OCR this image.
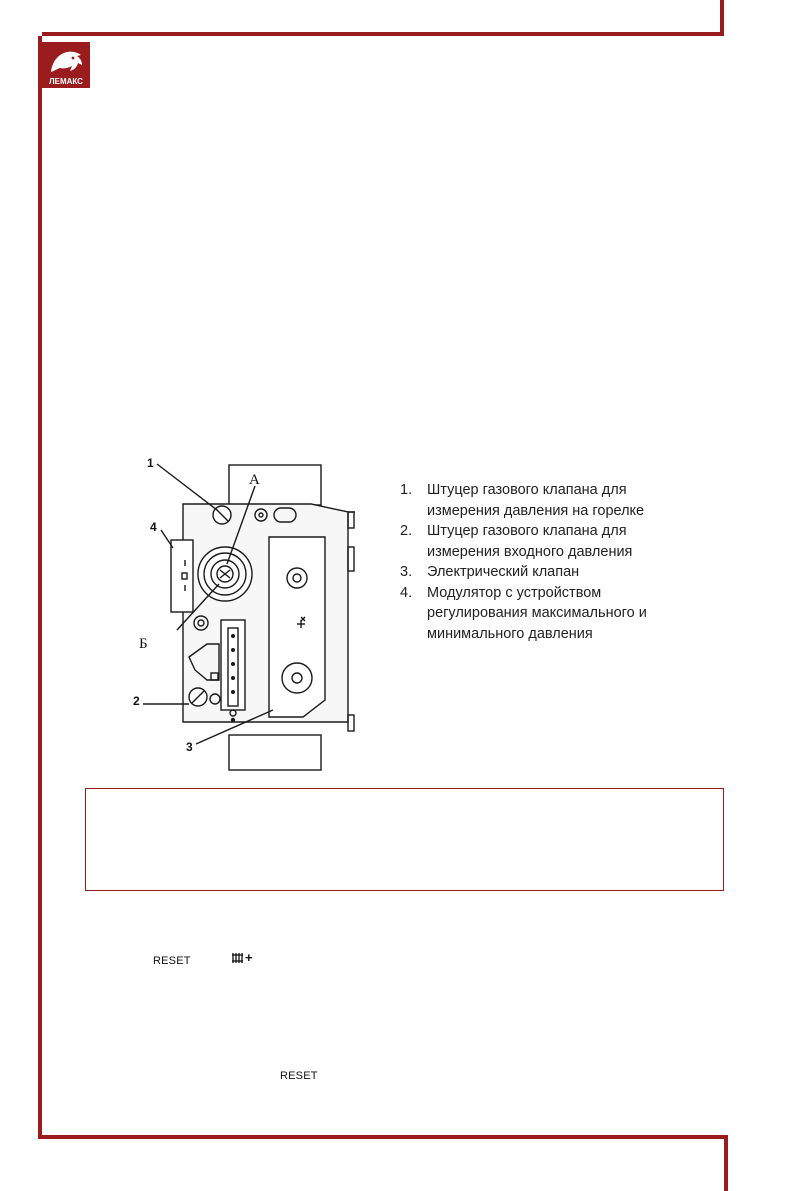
ЛЕМАКС
1
4
2
3
А
Б
1. Штуцер газового клапана для измерения давления на горелке
2. Штуцер газового клапана для измерения входного давления
3. Электрический клапан
4. Модулятор с устройством регулирования максимального и минимального давления
RESET	+
RESET
